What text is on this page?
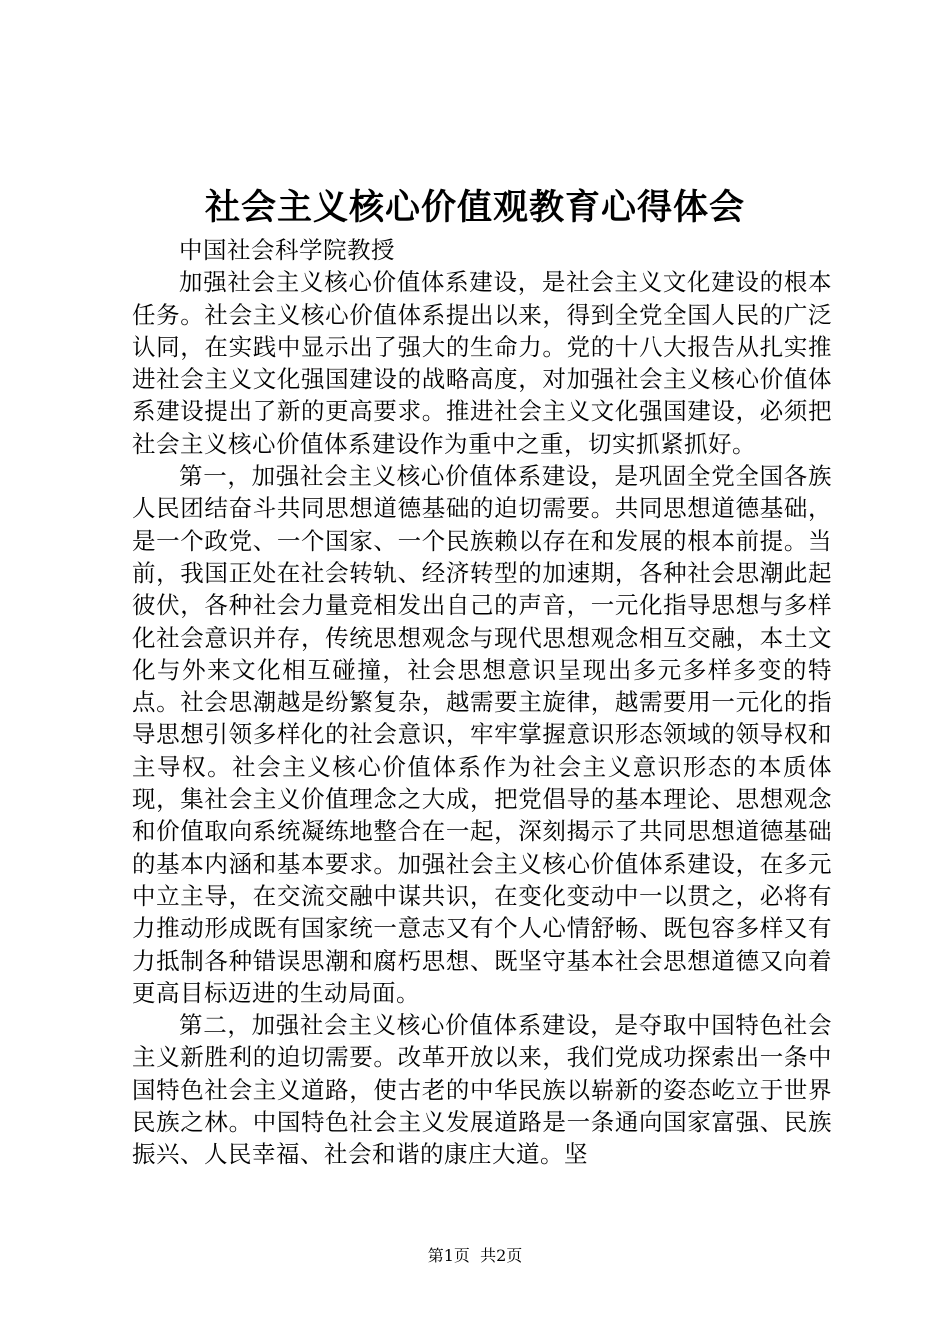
社会主义核心价值观教育心得体会

中国社会科学院教授

加强社会主义核心价值体系建设，是社会主义文化建设的根本任务。社会主义核心价值体系提出以来，得到全党全国人民的广泛认同，在实践中显示出了强大的生命力。党的十八大报告从扎实推进社会主义文化强国建设的战略高度，对加强社会主义核心价值体系建设提出了新的更高要求。推进社会主义文化强国建设，必须把社会主义核心价值体系建设作为重中之重，切实抓紧抓好。

第一，加强社会主义核心价值体系建设，是巩固全党全国各族人民团结奋斗共同思想道德基础的迫切需要。共同思想道德基础，是一个政党、一个国家、一个民族赖以存在和发展的根本前提。当前，我国正处在社会转轨、经济转型的加速期，各种社会思潮此起彼伏，各种社会力量竞相发出自己的声音，一元化指导思想与多样化社会意识并存，传统思想观念与现代思想观念相互交融，本土文化与外来文化相互碰撞，社会思想意识呈现出多元多样多变的特点。社会思潮越是纷繁复杂，越需要主旋律，越需要用一元化的指导思想引领多样化的社会意识，牢牢掌握意识形态领域的领导权和主导权。社会主义核心价值体系作为社会主义意识形态的本质体现，集社会主义价值理念之大成，把党倡导的基本理论、思想观念和价值取向系统凝练地整合在一起，深刻揭示了共同思想道德基础的基本内涵和基本要求。加强社会主义核心价值体系建设，在多元中立主导，在交流交融中谋共识，在变化变动中一以贯之，必将有力推动形成既有国家统一意志又有个人心情舒畅、既包容多样又有力抵制各种错误思潮和腐朽思想、既坚守基本社会思想道德又向着更高目标迈进的生动局面。

第二，加强社会主义核心价值体系建设，是夺取中国特色社会主义新胜利的迫切需要。改革开放以来，我们党成功探索出一条中国特色社会主义道路，使古老的中华民族以崭新的姿态屹立于世界民族之林。中国特色社会主义发展道路是一条通向国家富强、民族振兴、人民幸福、社会和谐的康庄大道。坚

第1页 共2页
